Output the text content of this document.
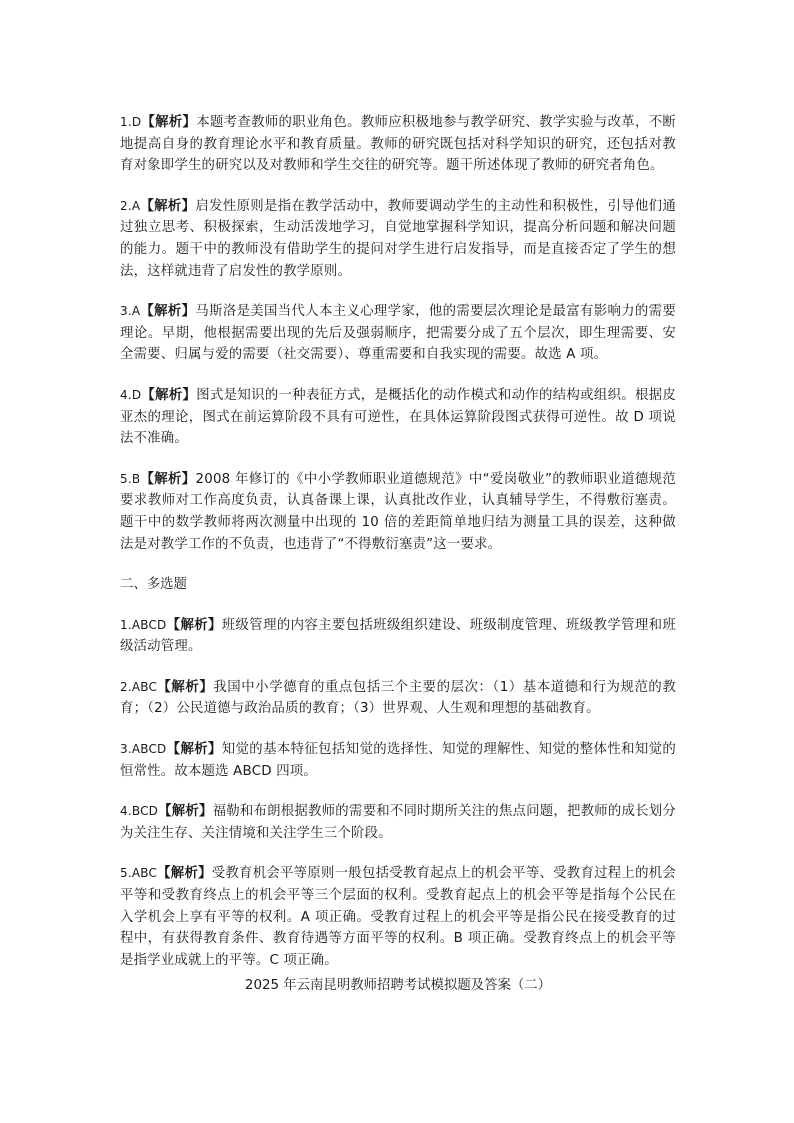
1.D【解析】本题考查教师的职业角色。教师应积极地参与教学研究、教学实验与改革，不断地提高自身的教育理论水平和教育质量。教师的研究既包括对科学知识的研究，还包括对教育对象即学生的研究以及对教师和学生交往的研究等。题干所述体现了教师的研究者角色。

2.A【解析】启发性原则是指在教学活动中，教师要调动学生的主动性和积极性，引导他们通过独立思考、积极探索，生动活泼地学习，自觉地掌握科学知识，提高分析问题和解决问题的能力。题干中的教师没有借助学生的提问对学生进行启发指导，而是直接否定了学生的想法，这样就违背了启发性的教学原则。

3.A【解析】马斯洛是美国当代人本主义心理学家，他的需要层次理论是最富有影响力的需要理论。早期，他根据需要出现的先后及强弱顺序，把需要分成了五个层次，即生理需要、安全需要、归属与爱的需要（社交需要）、尊重需要和自我实现的需要。故选 A 项。

4.D【解析】图式是知识的一种表征方式，是概括化的动作模式和动作的结构或组织。根据皮亚杰的理论，图式在前运算阶段不具有可逆性，在具体运算阶段图式获得可逆性。故 D 项说法不准确。

5.B【解析】2008 年修订的《中小学教师职业道德规范》中“爱岗敬业”的教师职业道德规范要求教师对工作高度负责，认真备课上课，认真批改作业，认真辅导学生，不得敷衍塞责。题干中的数学教师将两次测量中出现的 10 倍的差距简单地归结为测量工具的误差，这种做法是对教学工作的不负责，也违背了“不得敷衍塞责”这一要求。

二、多选题

1.ABCD【解析】班级管理的内容主要包括班级组织建设、班级制度管理、班级教学管理和班级活动管理。

2.ABC【解析】我国中小学德育的重点包括三个主要的层次：（1）基本道德和行为规范的教育；（2）公民道德与政治品质的教育；（3）世界观、人生观和理想的基础教育。

3.ABCD【解析】知觉的基本特征包括知觉的选择性、知觉的理解性、知觉的整体性和知觉的恒常性。故本题选 ABCD 四项。

4.BCD【解析】福勒和布朗根据教师的需要和不同时期所关注的焦点问题，把教师的成长划分为关注生存、关注情境和关注学生三个阶段。

5.ABC【解析】受教育机会平等原则一般包括受教育起点上的机会平等、受教育过程上的机会平等和受教育终点上的机会平等三个层面的权利。受教育起点上的机会平等是指每个公民在入学机会上享有平等的权利。A 项正确。受教育过程上的机会平等是指公民在接受教育的过程中，有获得教育条件、教育待遇等方面平等的权利。B 项正确。受教育终点上的机会平等是指学业成就上的平等。C 项正确。

2025 年云南昆明教师招聘考试模拟题及答案（二）
